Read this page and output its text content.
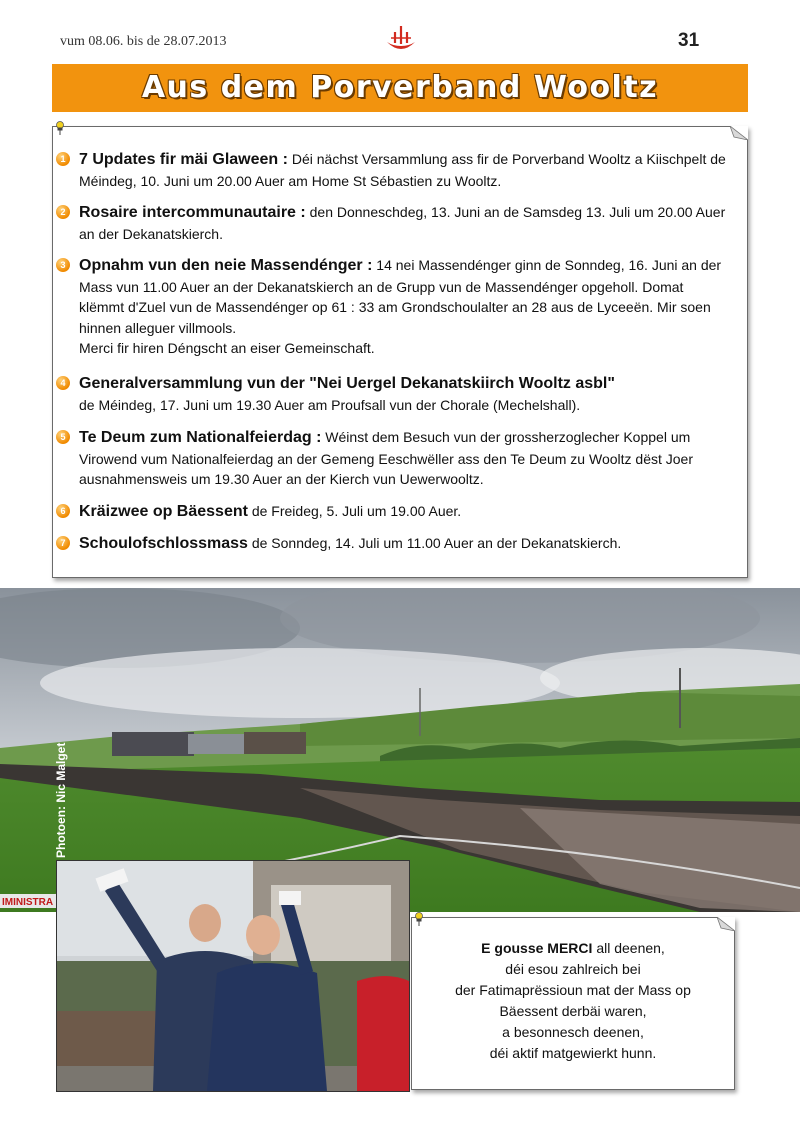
vum 08.06. bis de 28.07.2013	31
Aus dem Porverband Wooltz
1 7 Updates fir mäi Glaween : Déi nächst Versammlung ass fir de Porverband Wooltz a Kiischpelt de Méindeg, 10. Juni um 20.00 Auer am Home St Sébastien zu Wooltz.
2 Rosaire intercommunautaire : den Donneschdeg, 13. Juni an de Samsdeg 13. Juli um 20.00 Auer an der Dekanatskierch.
3 Opnahm vun den neie Massendénger : 14 nei Massendénger ginn de Sonndeg, 16. Juni an der Mass vun 11.00 Auer an der Dekanatskierch an de Grupp vun de Massendénger opgeholl. Domat klëmmt d'Zuel vun de Massendénger op 61 : 33 am Grondschoulalter an 28 aus de Lyceeën. Mir soen hinnen alleguer villmools.
Merci fir hiren Déngscht an eiser Gemeinschaft.
4 Generalversammlung vun der "Nei Uergel Dekanatskiirch Wooltz asbl"
de Méindeg, 17. Juni um 19.30 Auer am Proufsall vun der Chorale (Mechelshall).
5 Te Deum zum Nationalfeierdag : Wéinst dem Besuch vun der grossherzoglecher Koppel um Virowend vum Nationalfeierdag an der Gemeng Eeschwëller ass den Te Deum zu Wooltz dëst Joer ausnahmensweis um 19.30 Auer an der Kierch vun Uewerwooltz.
6 Kräizwee op Bäessent de Freideg, 5. Juli um 19.00 Auer.
7 Schoulofschlossmass de Sonndeg, 14. Juli um 11.00 Auer an der Dekanatskierch.
IMINISTRA
Photoen: Nic Malget
E gousse MERCI all deenen,
déi esou zahlreich bei
der Fatimaprëssioun mat der Mass op
Bäessent derbäi waren,
a besonnesch deenen,
déi aktif matgewierkt hunn.
